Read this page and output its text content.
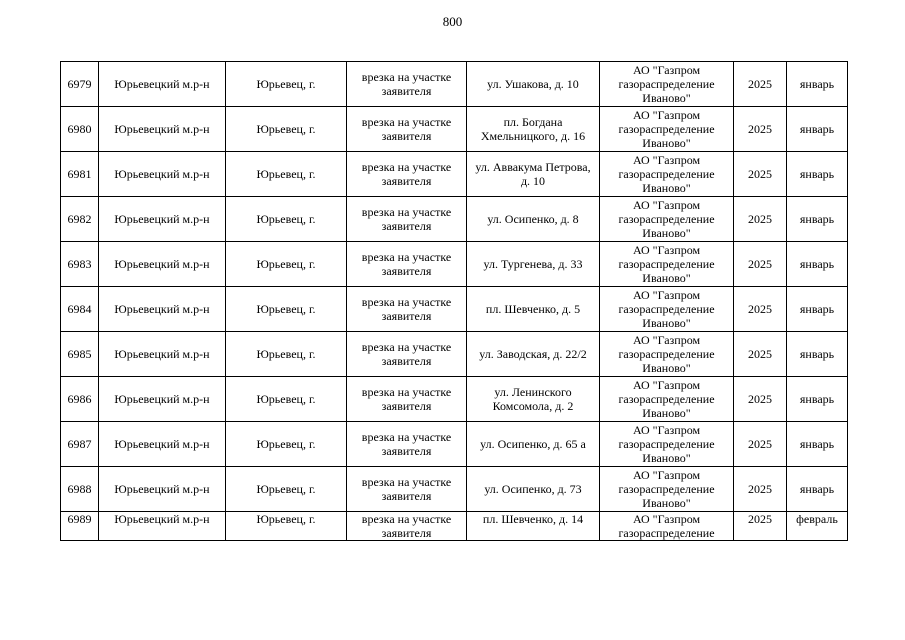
800
6979	Юрьевецкий м.р-н	Юрьевец, г.	врезка на участке заявителя	ул. Ушакова, д. 10	АО "Газпром газораспределение Иваново"	2025	январь
6980	Юрьевецкий м.р-н	Юрьевец, г.	врезка на участке заявителя	пл. Богдана Хмельницкого, д. 16	АО "Газпром газораспределение Иваново"	2025	январь
6981	Юрьевецкий м.р-н	Юрьевец, г.	врезка на участке заявителя	ул. Аввакума Петрова, д. 10	АО "Газпром газораспределение Иваново"	2025	январь
6982	Юрьевецкий м.р-н	Юрьевец, г.	врезка на участке заявителя	ул. Осипенко, д. 8	АО "Газпром газораспределение Иваново"	2025	январь
6983	Юрьевецкий м.р-н	Юрьевец, г.	врезка на участке заявителя	ул. Тургенева, д. 33	АО "Газпром газораспределение Иваново"	2025	январь
6984	Юрьевецкий м.р-н	Юрьевец, г.	врезка на участке заявителя	пл. Шевченко, д. 5	АО "Газпром газораспределение Иваново"	2025	январь
6985	Юрьевецкий м.р-н	Юрьевец, г.	врезка на участке заявителя	ул. Заводская, д. 22/2	АО "Газпром газораспределение Иваново"	2025	январь
6986	Юрьевецкий м.р-н	Юрьевец, г.	врезка на участке заявителя	ул. Ленинского Комсомола, д. 2	АО "Газпром газораспределение Иваново"	2025	январь
6987	Юрьевецкий м.р-н	Юрьевец, г.	врезка на участке заявителя	ул. Осипенко, д. 65 а	АО "Газпром газораспределение Иваново"	2025	январь
6988	Юрьевецкий м.р-н	Юрьевец, г.	врезка на участке заявителя	ул. Осипенко, д. 73	АО "Газпром газораспределение Иваново"	2025	январь
6989	Юрьевецкий м.р-н	Юрьевец, г.	врезка на участке заявителя	пл. Шевченко, д. 14	АО "Газпром газораспределение	2025	февраль
